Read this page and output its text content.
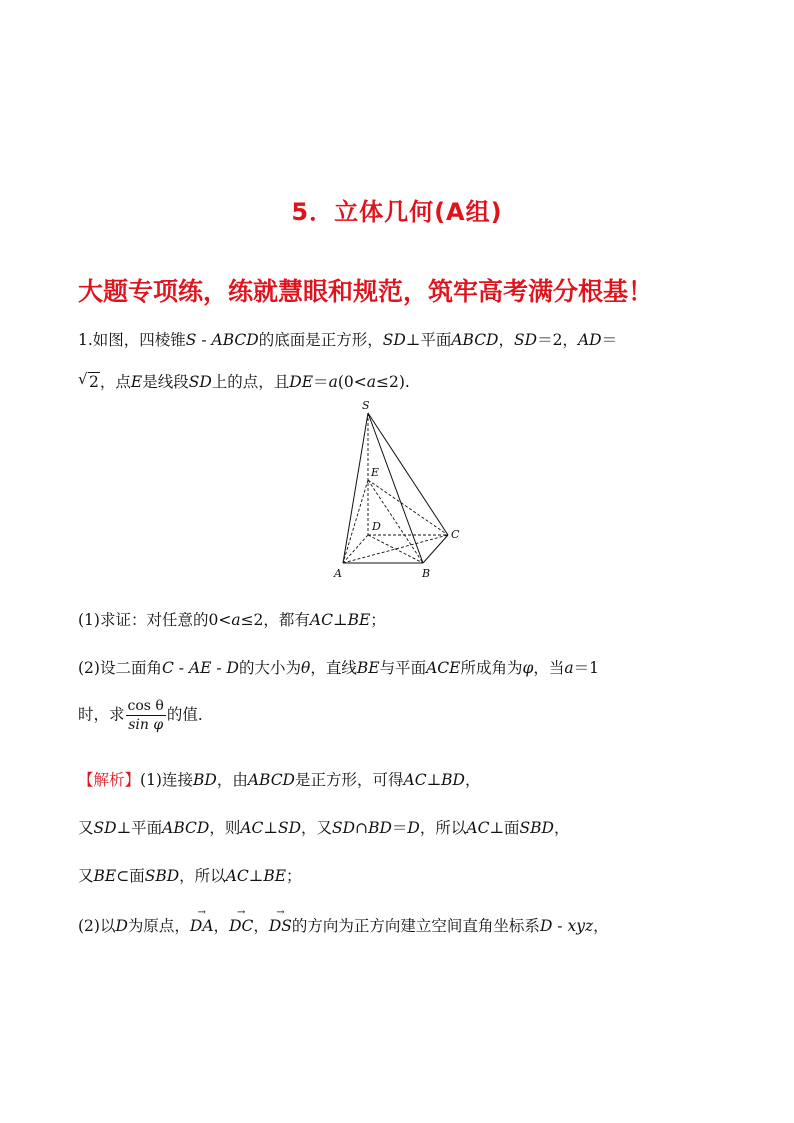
5．立体几何(A组)
大题专项练，练就慧眼和规范，筑牢高考满分根基！
1.如图，四棱锥S - ABCD的底面是正方形，SD⊥平面ABCD，SD＝2，AD＝
√ 2，点E是线段SD上的点，且DE＝a(0<a≤2).
S
E
D
C
A	B
(1)求证：对任意的0<a≤2，都有AC⊥BE；
(2)设二面角C - AE - D的大小为θ，直线BE与平面ACE所成角为φ，当a＝1
时，求 $\frac{\text{cos θ}}{\text{sin φ}}$ 的值．
【解析】(1)连接BD，由ABCD是正方形，可得AC⊥BD，
又SD⊥平面ABCD，则AC⊥SD，又SD∩BD＝D，所以AC⊥面SBD，
又BE⊂面SBD，所以AC⊥BE；
(2)以D为原点，
→
DA，
→
DC，
→
DS的方向为正方向建立空间直角坐标系D - xyz，
